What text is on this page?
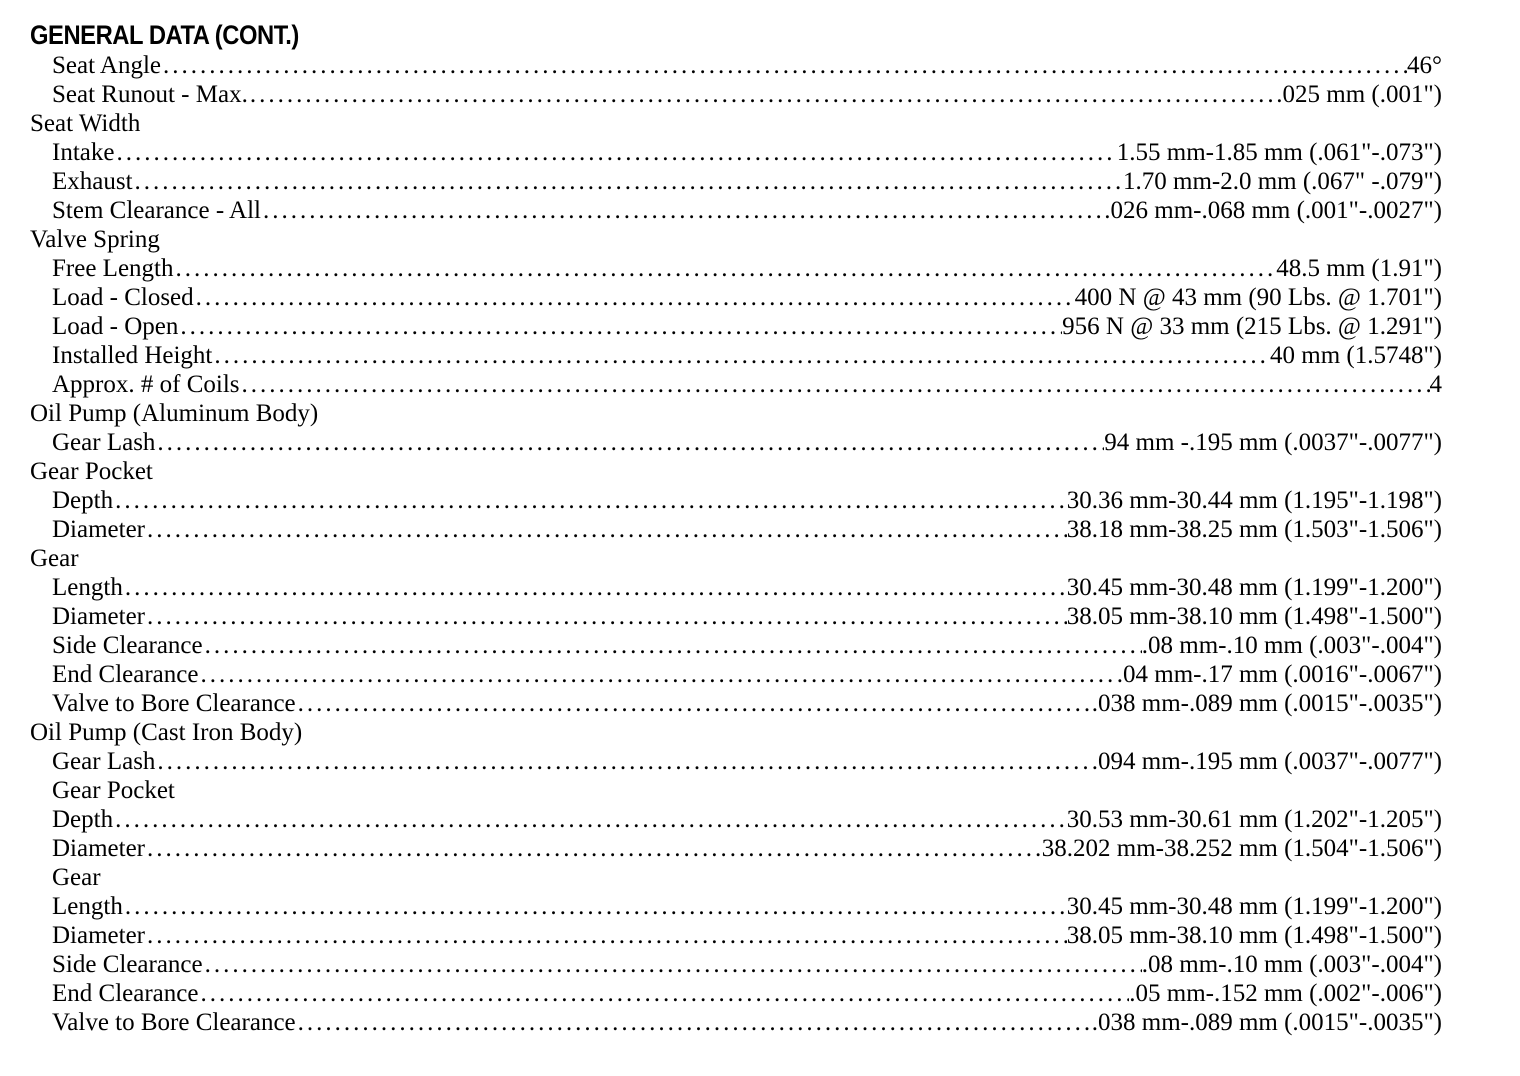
GENERAL DATA (CONT.)
Seat Angle .....	46°
Seat Runout - Max. .....	.025 mm (.001")
Seat Width
Intake .....	1.55 mm-1.85 mm (.061"-.073")
Exhaust .....	1.70 mm-2.0 mm (.067" -.079")
Stem Clearance - All .....	.026 mm-.068 mm (.001"-.0027")
Valve Spring
Free Length .....	48.5 mm (1.91")
Load - Closed .....	400 N @ 43 mm (90 Lbs. @ 1.701")
Load - Open .....	956 N @ 33 mm (215 Lbs. @ 1.291")
Installed Height .....	40 mm (1.5748")
Approx. # of Coils .....	4
Oil Pump (Aluminum Body)
Gear Lash .....	94 mm -.195 mm (.0037"-.0077")
Gear Pocket
Depth .....	30.36 mm-30.44 mm (1.195"-1.198")
Diameter .....	38.18 mm-38.25 mm (1.503"-1.506")
Gear
Length .....	30.45 mm-30.48 mm (1.199"-1.200")
Diameter .....	38.05 mm-38.10 mm (1.498"-1.500")
Side Clearance .....	.08 mm-.10 mm (.003"-.004")
End Clearance .....	.04 mm-.17 mm (.0016"-.0067")
Valve to Bore Clearance .....	.038 mm-.089 mm (.0015"-.0035")
Oil Pump (Cast Iron Body)
Gear Lash .....	.094 mm-.195 mm (.0037"-.0077")
Gear Pocket
Depth .....	30.53 mm-30.61 mm (1.202"-1.205")
Diameter .....	38.202 mm-38.252 mm (1.504"-1.506")
Gear
Length .....	30.45 mm-30.48 mm (1.199"-1.200")
Diameter .....	38.05 mm-38.10 mm (1.498"-1.500")
Side Clearance .....	.08 mm-.10 mm (.003"-.004")
End Clearance .....	.05 mm-.152 mm (.002"-.006")
Valve to Bore Clearance .....	.038 mm-.089 mm (.0015"-.0035")
